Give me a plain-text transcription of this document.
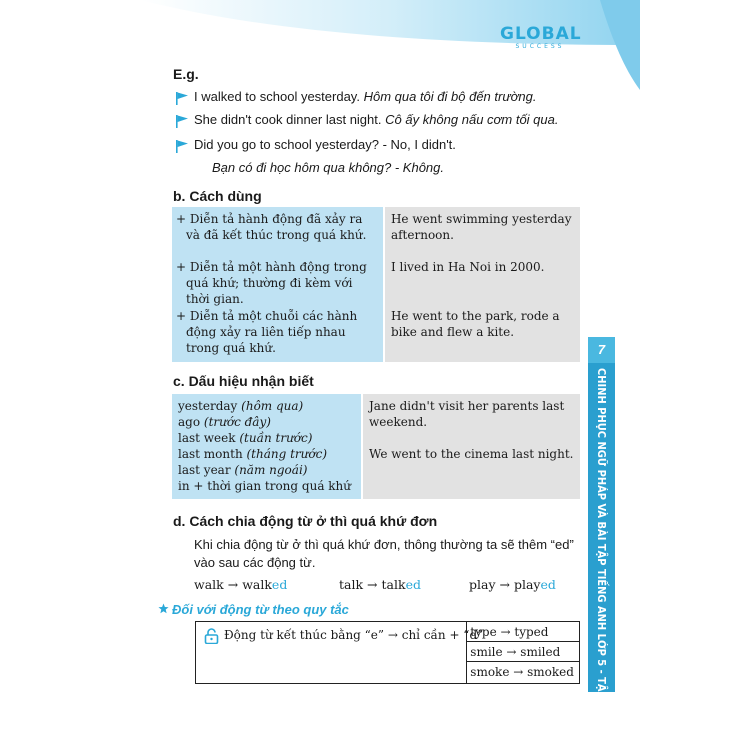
GLOBAL
SUCCESS
7
CHINH PHỤC NGỮ PHÁP VÀ BÀI TẬP TIẾNG ANH LỚP 5 - TẬP 2
E.g.
I walked to school yesterday. Hôm qua tôi đi bộ đến trường.
She didn't cook dinner last night. Cô ấy không nấu cơm tối qua.
Did you go to school yesterday? - No, I didn't.
Bạn có đi học hôm qua không? - Không.
b. Cách dùng
+ Diễn tả hành động đã xảy ra và đã kết thúc trong quá khứ.
+ Diễn tả một hành động trong quá khứ; thường đi kèm với thời gian.
+ Diễn tả một chuỗi các hành động xảy ra liên tiếp nhau trong quá khứ.
He went swimming yesterday afternoon.
I lived in Ha Noi in 2000.
He went to the park, rode a bike and flew a kite.
c. Dấu hiệu nhận biết
yesterday (hôm qua)
ago (trước đây)
last week (tuần trước)
last month (tháng trước)
last year (năm ngoái)
in + thời gian trong quá khứ
Jane didn't visit her parents last weekend.
We went to the cinema last night.
d. Cách chia động từ ở thì quá khứ đơn
Khi chia động từ ở thì quá khứ đơn, thông thường ta sẽ thêm “ed” vào sau các động từ.
walk → walked	talk → talked	play → played
Đối với động từ theo quy tắc
Động từ kết thúc bằng “e” → chỉ cần + “d”
type → typed
smile → smiled
smoke → smoked
